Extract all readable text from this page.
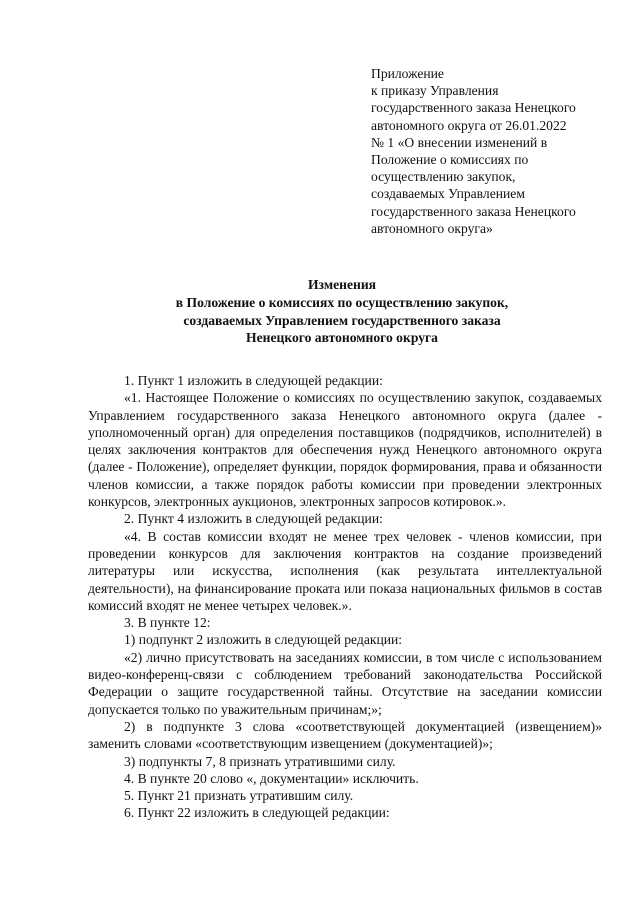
Приложение
к приказу Управления
государственного заказа Ненецкого
автономного округа от 26.01.2022
№ 1 «О внесении изменений в
Положение о комиссиях по
осуществлению закупок,
создаваемых Управлением
государственного заказа Ненецкого
автономного округа»
Изменения
в Положение о комиссиях по осуществлению закупок,
создаваемых Управлением государственного заказа
Ненецкого автономного округа

1. Пункт 1 изложить в следующей редакции:

«1. Настоящее Положение о комиссиях по осуществлению закупок, создаваемых Управлением государственного заказа Ненецкого автономного округа (далее - уполномоченный орган) для определения поставщиков (подрядчиков, исполнителей) в целях заключения контрактов для обеспечения нужд Ненецкого автономного округа (далее - Положение), определяет функции, порядок формирования, права и обязанности членов комиссии, а также порядок работы комиссии при проведении электронных конкурсов, электронных аукционов, электронных запросов котировок.».

2. Пункт 4 изложить в следующей редакции:

«4. В состав комиссии входят не менее трех человек - членов комиссии, при проведении конкурсов для заключения контрактов на создание произведений литературы или искусства, исполнения (как результата интеллектуальной деятельности), на финансирование проката или показа национальных фильмов в состав комиссий входят не менее четырех человек.».

3. В пункте 12:

1) подпункт 2 изложить в следующей редакции:

«2) лично присутствовать на заседаниях комиссии, в том числе с использованием видео-конференц-связи с соблюдением требований законодательства Российской Федерации о защите государственной тайны. Отсутствие на заседании комиссии допускается только по уважительным причинам;»;

2) в подпункте 3 слова «соответствующей документацией (извещением)» заменить словами «соответствующим извещением (документацией)»;

3) подпункты 7, 8 признать утратившими силу.

4. В пункте 20 слово «, документации» исключить.

5. Пункт 21 признать утратившим силу.

6. Пункт 22 изложить в следующей редакции:
